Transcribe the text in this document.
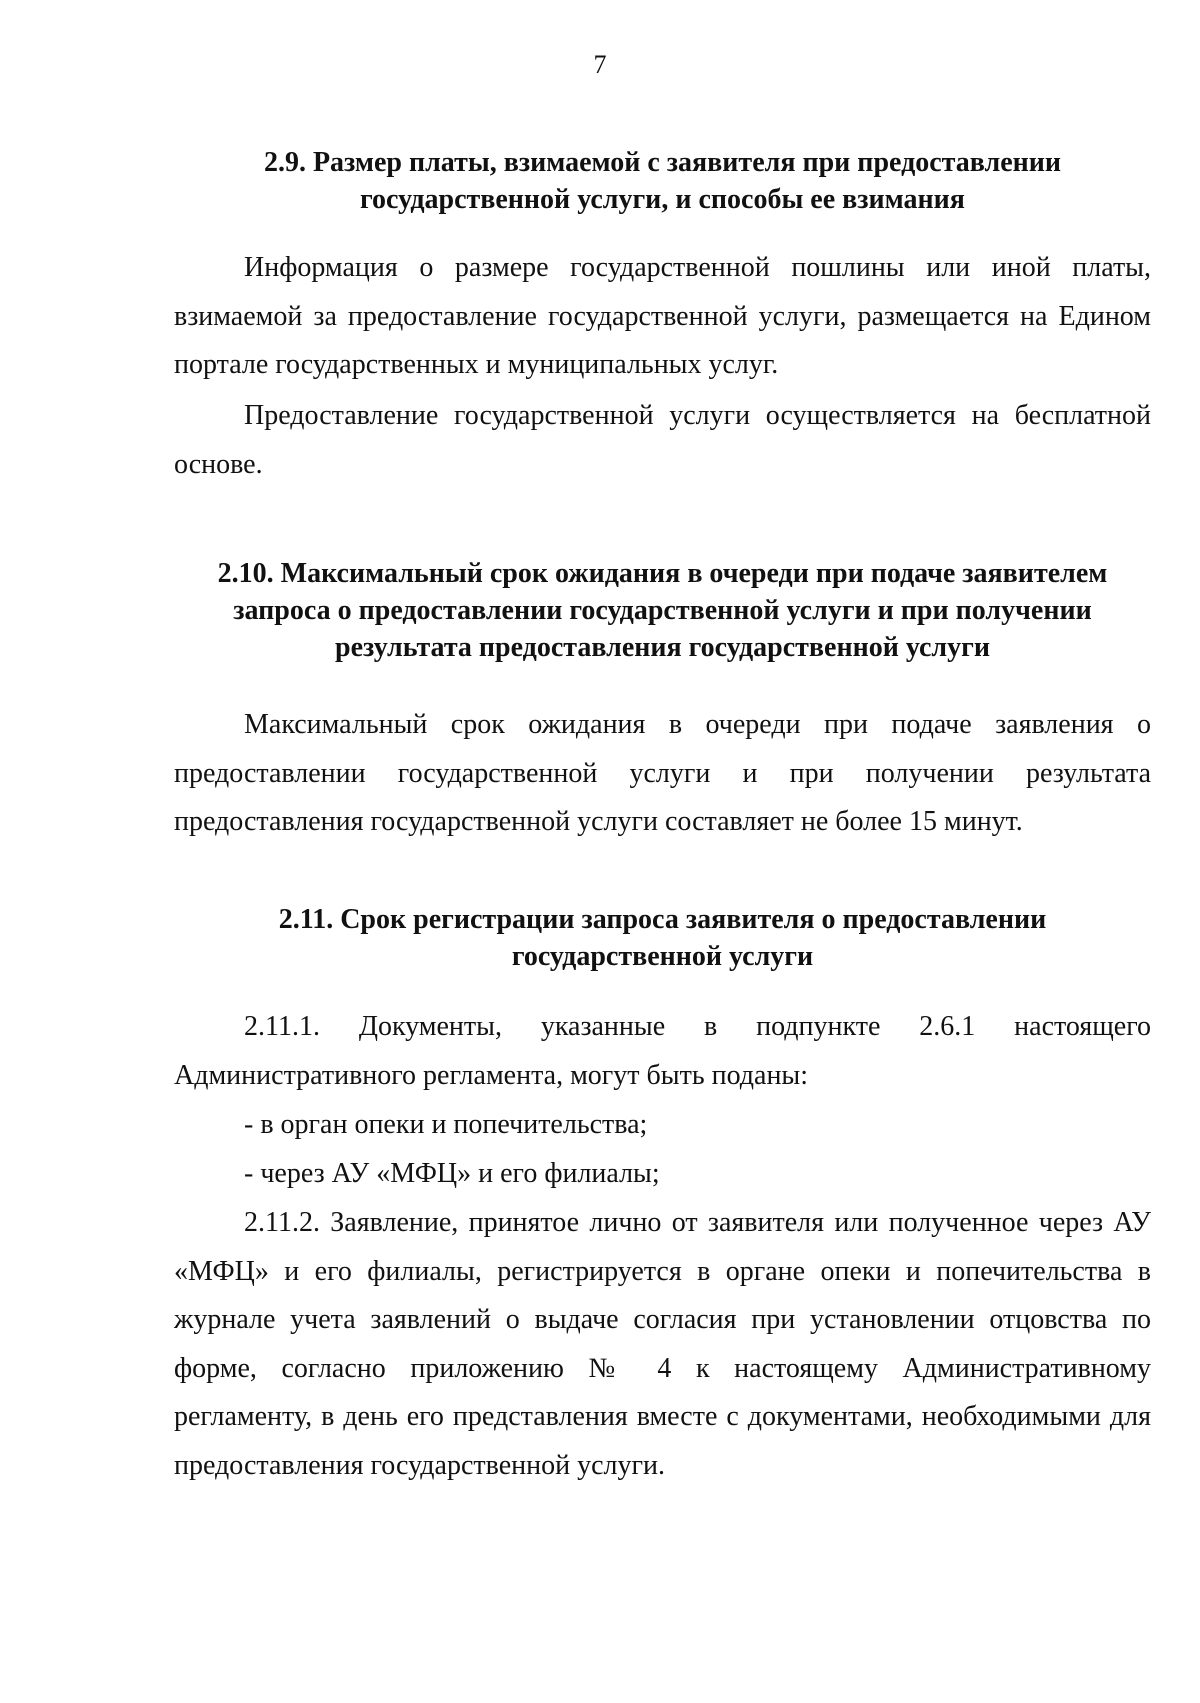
7
2.9. Размер платы, взимаемой с заявителя при предоставлении
государственной услуги, и способы ее взимания

Информация о размере государственной пошлины или иной платы, взимаемой за предоставление государственной услуги, размещается на Едином портале государственных и муниципальных услуг.

Предоставление государственной услуги осуществляется на бесплатной основе.

2.10. Максимальный срок ожидания в очереди при подаче заявителем
запроса о предоставлении государственной услуги и при получении
результата предоставления государственной услуги

Максимальный срок ожидания в очереди при подаче заявления о предоставлении государственной услуги и при получении результата предоставления государственной услуги составляет не более 15 минут.

2.11. Срок регистрации запроса заявителя о предоставлении
государственной услуги

2.11.1. Документы, указанные в подпункте 2.6.1 настоящего Административного регламента, могут быть поданы:

- в орган опеки и попечительства;

- через АУ «МФЦ» и его филиалы;

2.11.2. Заявление, принятое лично от заявителя или полученное через АУ «МФЦ» и его филиалы, регистрируется в органе опеки и попечительства в журнале учета заявлений о выдаче согласия при установлении отцовства по форме, согласно приложению № 4 к настоящему Административному регламенту, в день его представления вместе с документами, необходимыми для предоставления государственной услуги.
